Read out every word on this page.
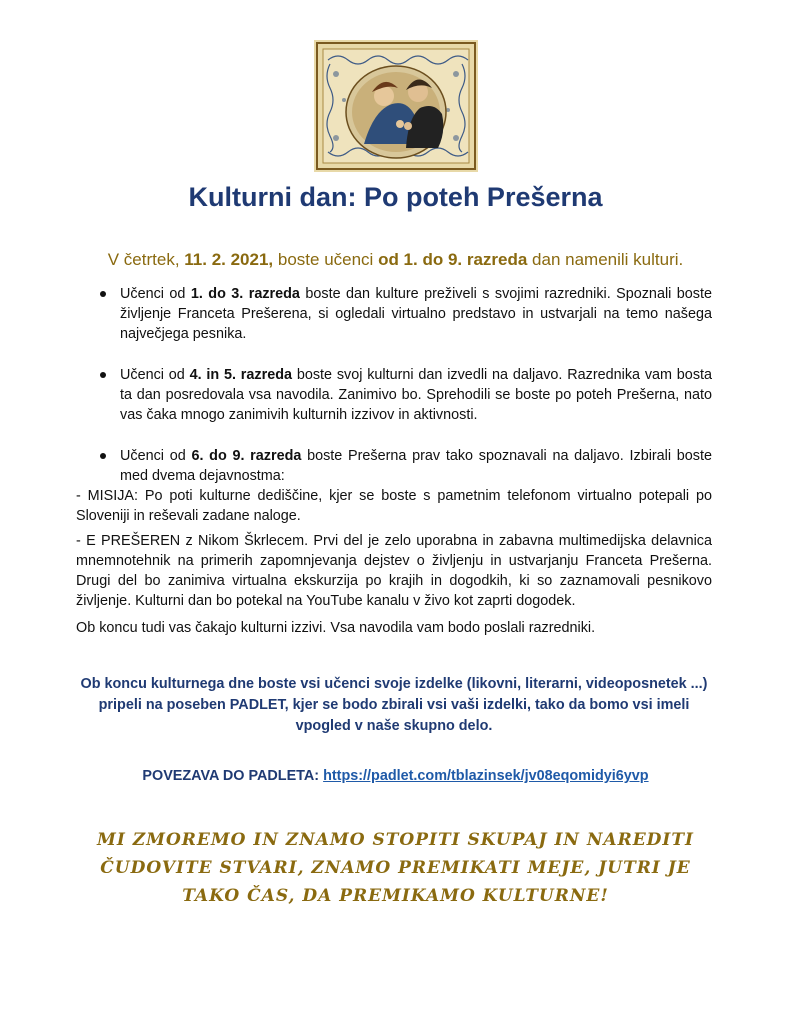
Kulturni dan: Po poteh Prešerna
V četrtek, 11. 2. 2021, boste učenci od 1. do 9. razreda dan namenili kulturi.
Učenci od 1. do 3. razreda boste dan kulture preživeli s svojimi razredniki. Spoznali boste življenje Franceta Prešerena, si ogledali virtualno predstavo in ustvarjali na temo našega največjega pesnika.
Učenci od 4. in 5. razreda boste svoj kulturni dan izvedli na daljavo. Razrednika vam bosta ta dan posredovala vsa navodila. Zanimivo bo. Sprehodili se boste po poteh Prešerna, nato vas čaka mnogo zanimivih kulturnih izzivov in aktivnosti.
Učenci od 6. do 9. razreda boste Prešerna prav tako spoznavali na daljavo. Izbirali boste med dvema dejavnostma:

- MISIJA: Po poti kulturne dediščine, kjer se boste s pametnim telefonom virtualno potepali po Sloveniji in reševali zadane naloge.

- E PREŠEREN z Nikom Škrlecem. Prvi del je zelo uporabna in zabavna multimedijska delavnica mnemnotehnik na primerih zapomnjevanja dejstev o življenju in ustvarjanju Franceta Prešerna. Drugi del bo zanimiva virtualna ekskurzija po krajih in dogodkih, ki so zaznamovali pesnikovo življenje. Kulturni dan bo potekal na YouTube kanalu v živo kot zaprti dogodek.

Ob koncu tudi vas čakajo kulturni izzivi. Vsa navodila vam bodo poslali razredniki.

Ob koncu kulturnega dne boste vsi učenci svoje izdelke (likovni, literarni, videoposnetek ...) pripeli na poseben PADLET, kjer se bodo zbirali vsi vaši izdelki, tako da bomo vsi imeli vpogled v naše skupno delo.
POVEZAVA DO PADLETA: https://padlet.com/tblazinsek/jv08eqomidyi6yvp
MI ZMOREMO IN ZNAMO STOPITI SKUPAJ IN NAREDITI ČUDOVITE STVARI, ZNAMO PREMIKATI MEJE, JUTRI JE TAKO ČAS, DA PREMIKAMO KULTURNE!
